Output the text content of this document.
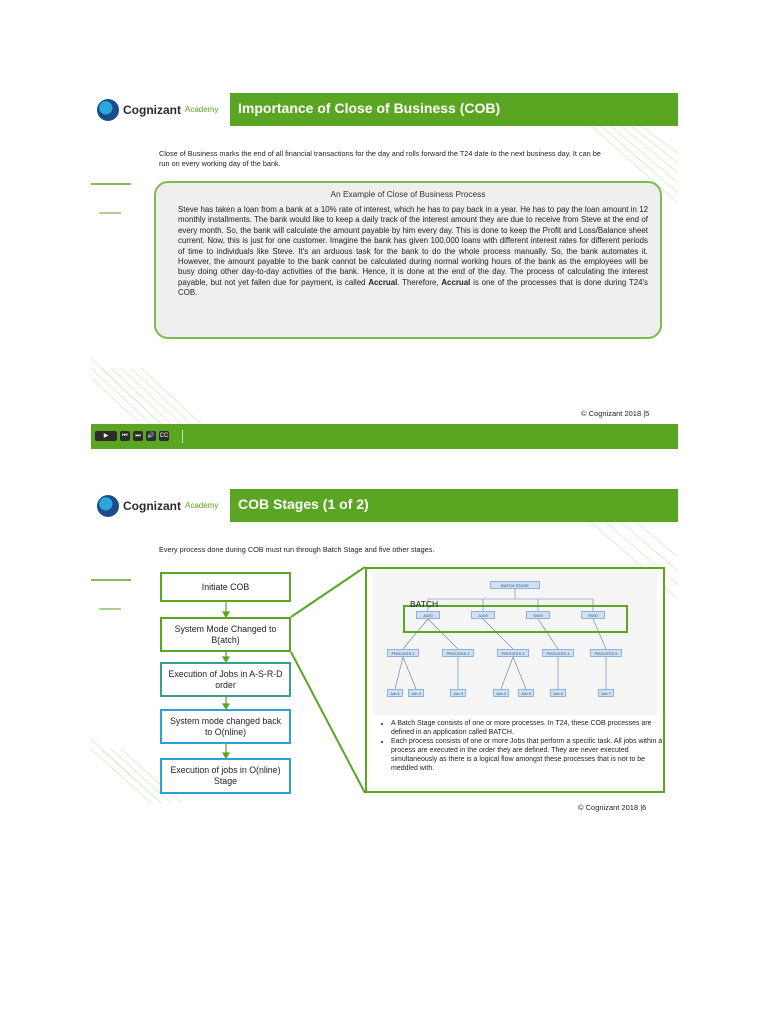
Cognizant Academy Importance of Close of Business (COB)
Close of Business marks the end of all financial transactions for the day and rolls forward the T24 date to the next business day. It can be run on every working day of the bank.
An Example of Close of Business Process
Steve has taken a loan from a bank at a 10% rate of interest, which he has to pay back in a year. He has to pay the loan amount in 12 monthly installments. The bank would like to keep a daily track of the interest amount they are due to receive from Steve at the end of every month. So, the bank will calculate the amount payable by him every day. This is done to keep the Profit and Loss/Balance sheet current. Now, this is just for one customer. Imagine the bank has given 100,000 loans with different interest rates for different periods of time to individuals like Steve. It's an arduous task for the bank to do the whole process manually. So, the bank automates it. However, the amount payable to the bank cannot be calculated during normal working hours of the bank as the employees will be busy doing other day-to-day activities of the bank. Hence, it is done at the end of the day. The process of calculating the interest payable, but not yet fallen due for payment, is called Accrual. Therefore, Accrual is one of the processes that is done during T24's COB.
© Cognizant 2018 |5
▶	⏮	⏭	🔊 CC
Cognizant Academy COB Stages (1 of 2)
Every process done during COB must run through Batch Stage and five other stages.
Initiate COB
System Mode Changed to B(atch)
Execution of Jobs in A-S-R-D order
System mode changed back to O(nline)
Execution of jobs in O(nline) Stage
BATCH STAGE
A100	A100	S000	R000
PROCESS 1	PROCESS 2	PROCESS 3	PROCESS 4	PROCESS 5
Job 1	Job 2	Job 3	Job 4	Job 5	Job 6	Job 7
BATCH
• A Batch Stage consists of one or more processes. In T24, these COB processes are defined in an application called BATCH.
• Each process consists of one or more Jobs that perform a specific task. All jobs within a process are executed in the order they are defined. They are never executed simultaneously as there is a logical flow amongst these processes that is not to be meddled with.
© Cognizant 2018 |6
